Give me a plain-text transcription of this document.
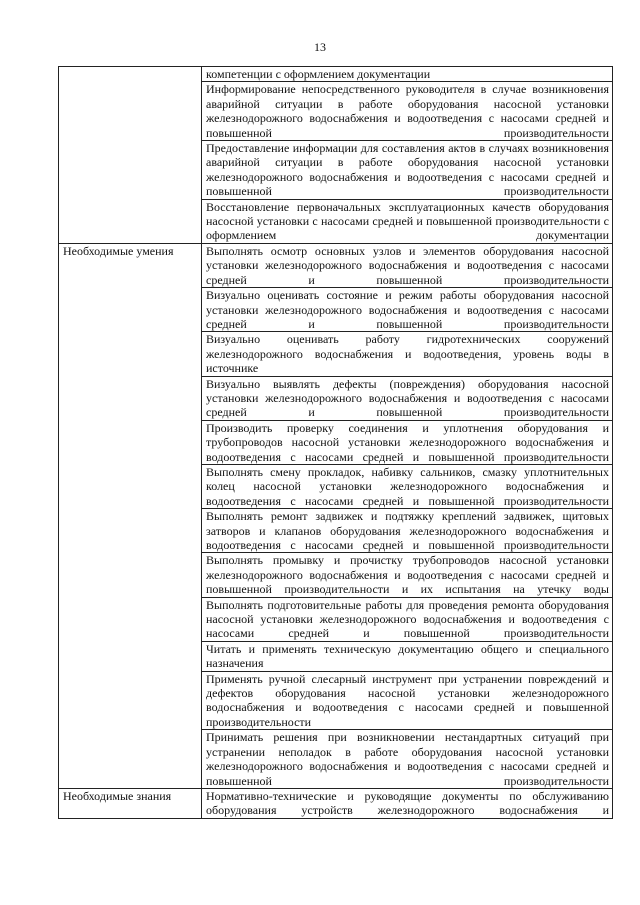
13
	компетенции с оформлением документации
	Информирование непосредственного руководителя в случае возникновения аварийной ситуации в работе оборудования насосной установки железнодорожного водоснабжения и водоотведения с насосами средней и повышенной производительности
	Предоставление информации для составления актов в случаях возникновения аварийной ситуации в работе оборудования насосной установки железнодорожного водоснабжения и водоотведения с насосами средней и повышенной производительности
	Восстановление первоначальных эксплуатационных качеств оборудования насосной установки с насосами средней и повышенной производительности с оформлением документации
Необходимые умения	Выполнять осмотр основных узлов и элементов оборудования насосной установки железнодорожного водоснабжения и водоотведения с насосами средней и повышенной производительности
	Визуально оценивать состояние и режим работы оборудования насосной установки железнодорожного водоснабжения и водоотведения с насосами средней и повышенной производительности
	Визуально оценивать работу гидротехнических сооружений железнодорожного водоснабжения и водоотведения, уровень воды в источнике
	Визуально выявлять дефекты (повреждения) оборудования насосной установки железнодорожного водоснабжения и водоотведения с насосами средней и повышенной производительности
	Производить проверку соединения и уплотнения оборудования и трубопроводов насосной установки железнодорожного водоснабжения и водоотведения с насосами средней и повышенной производительности
	Выполнять смену прокладок, набивку сальников, смазку уплотнительных колец насосной установки железнодорожного водоснабжения и водоотведения с насосами средней и повышенной производительности
	Выполнять ремонт задвижек и подтяжку креплений задвижек, щитовых затворов и клапанов оборудования железнодорожного водоснабжения и водоотведения с насосами средней и повышенной производительности
	Выполнять промывку и прочистку трубопроводов насосной установки железнодорожного водоснабжения и водоотведения с насосами средней и повышенной производительности и их испытания на утечку воды
	Выполнять подготовительные работы для проведения ремонта оборудования насосной установки железнодорожного водоснабжения и водоотведения с насосами средней и повышенной производительности
	Читать и применять техническую документацию общего и специального назначения
	Применять ручной слесарный инструмент при устранении повреждений и дефектов оборудования насосной установки железнодорожного водоснабжения и водоотведения с насосами средней и повышенной производительности
	Принимать решения при возникновении нестандартных ситуаций при устранении неполадок в работе оборудования насосной установки железнодорожного водоснабжения и водоотведения с насосами средней и повышенной производительности
Необходимые знания	Нормативно-технические и руководящие документы по обслуживанию оборудования устройств железнодорожного водоснабжения и
